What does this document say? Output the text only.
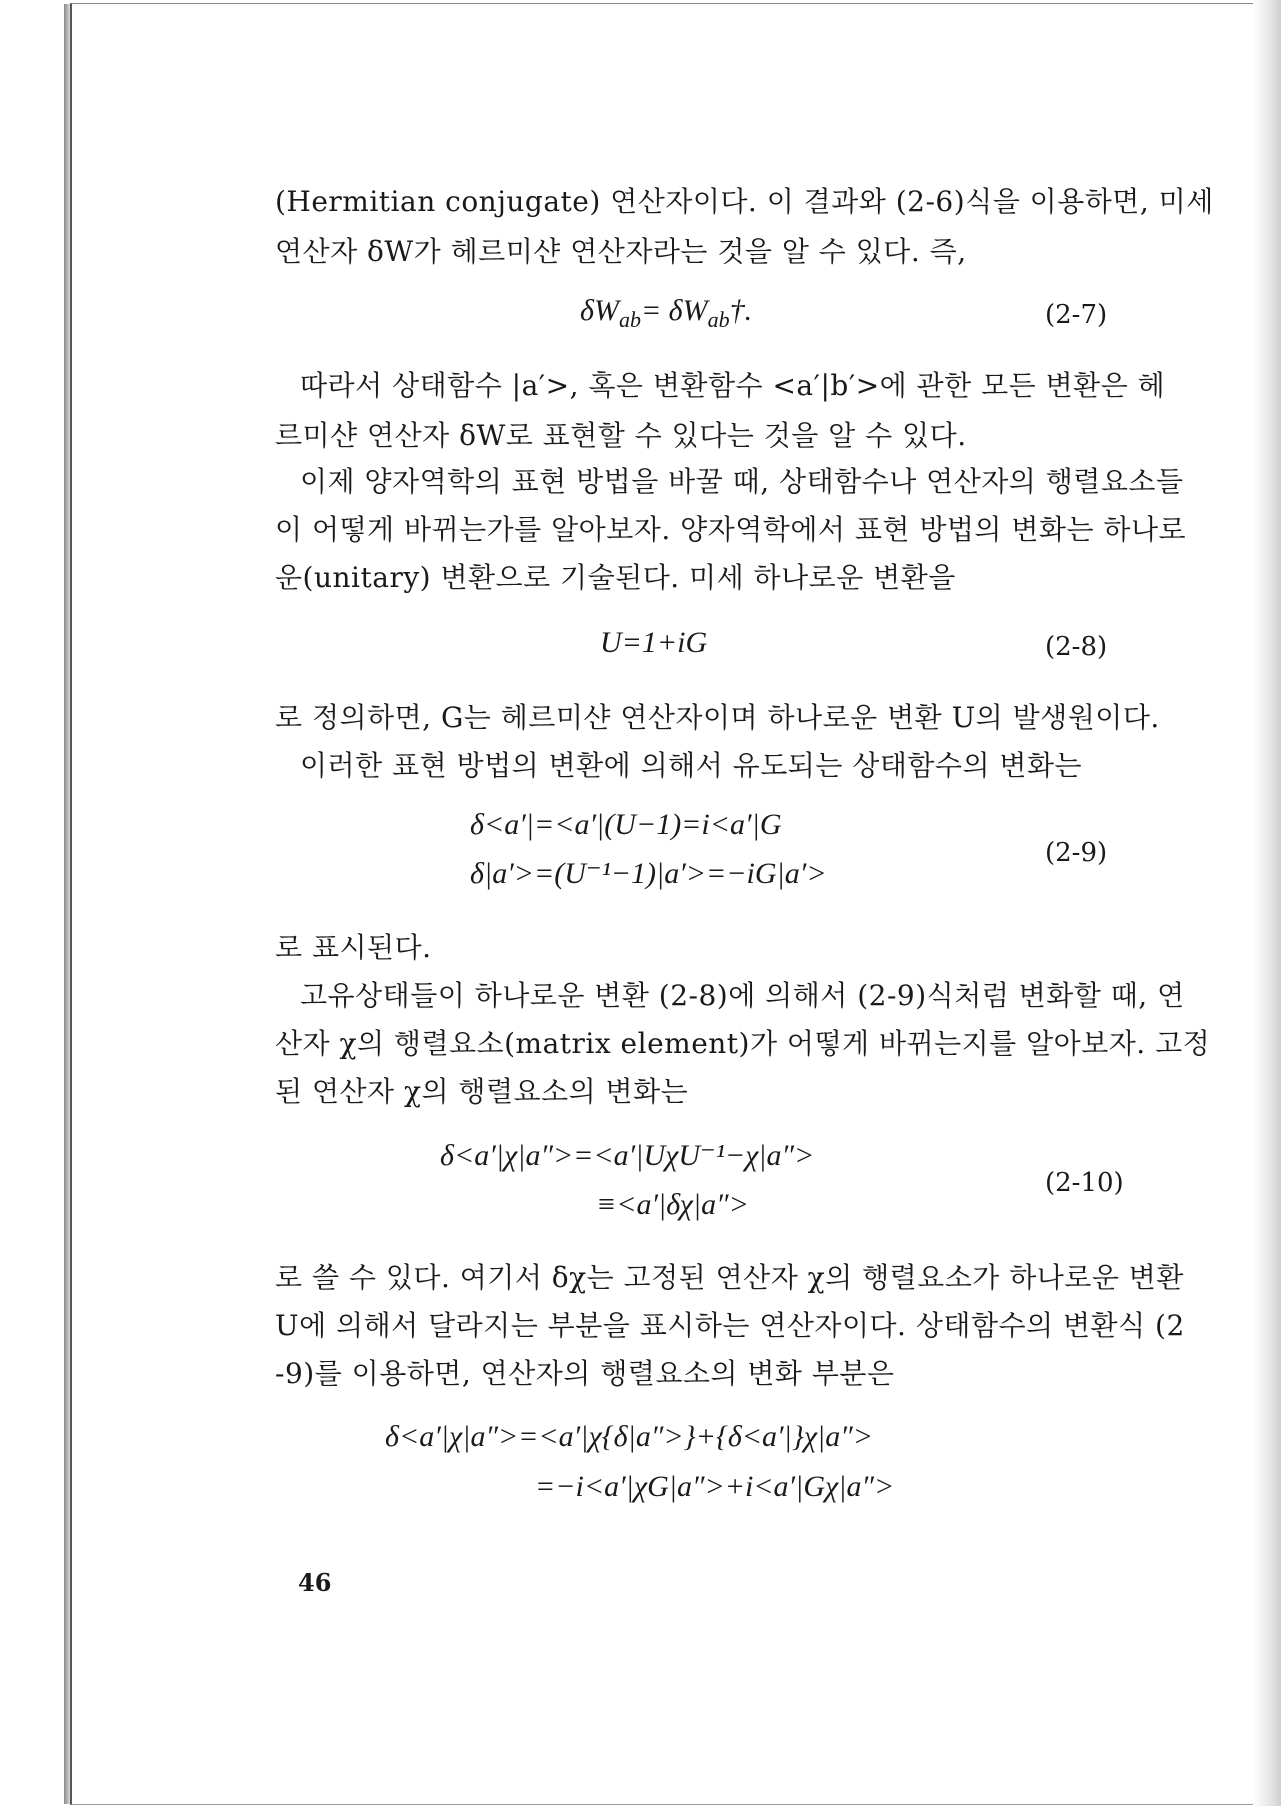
(Hermitian conjugate) 연산자이다. 이 결과와 (2-6)식을 이용하면, 미세
연산자 δW가 헤르미샨 연산자라는 것을 알 수 있다. 즉,
$\delta W_{ab}=$ $\delta W_{ab}\dagger$.	(2-7)
따라서 상태함수 |a′>, 혹은 변환함수 <a′|b′>에 관한 모든 변환은 헤
르미샨 연산자 δW로 표현할 수 있다는 것을 알 수 있다.
이제 양자역학의 표현 방법을 바꿀 때, 상태함수나 연산자의 행렬요소들
이 어떻게 바뀌는가를 알아보자. 양자역학에서 표현 방법의 변화는 하나로
운(unitary) 변환으로 기술된다. 미세 하나로운 변환을
U=1+iG	(2-8)
로 정의하면, G는 헤르미샨 연산자이며 하나로운 변환 U의 발생원이다.
이러한 표현 방법의 변환에 의해서 유도되는 상태함수의 변화는
δ<a′|=<a′|(U−1)=i<a′|G
δ|a′>=(U⁻¹−1)|a′>=−iG|a′>
(2-9)
로 표시된다.
고유상태들이 하나로운 변환 (2-8)에 의해서 (2-9)식처럼 변화할 때, 연
산자 χ의 행렬요소(matrix element)가 어떻게 바뀌는지를 알아보자. 고정
된 연산자 χ의 행렬요소의 변화는
δ<a′|χ|a″>=<a′|UχU⁻¹−χ|a″>
≡<a′|δχ|a″>
(2-10)
로 쓸 수 있다. 여기서 δχ는 고정된 연산자 χ의 행렬요소가 하나로운 변환
U에 의해서 달라지는 부분을 표시하는 연산자이다. 상태함수의 변환식 (2
-9)를 이용하면, 연산자의 행렬요소의 변화 부분은
δ<a′|χ|a″>=<a′|χ{δ|a″>}+{δ<a′|}χ|a″>
=−i<a′|χG|a″>+i<a′|Gχ|a″>
46
